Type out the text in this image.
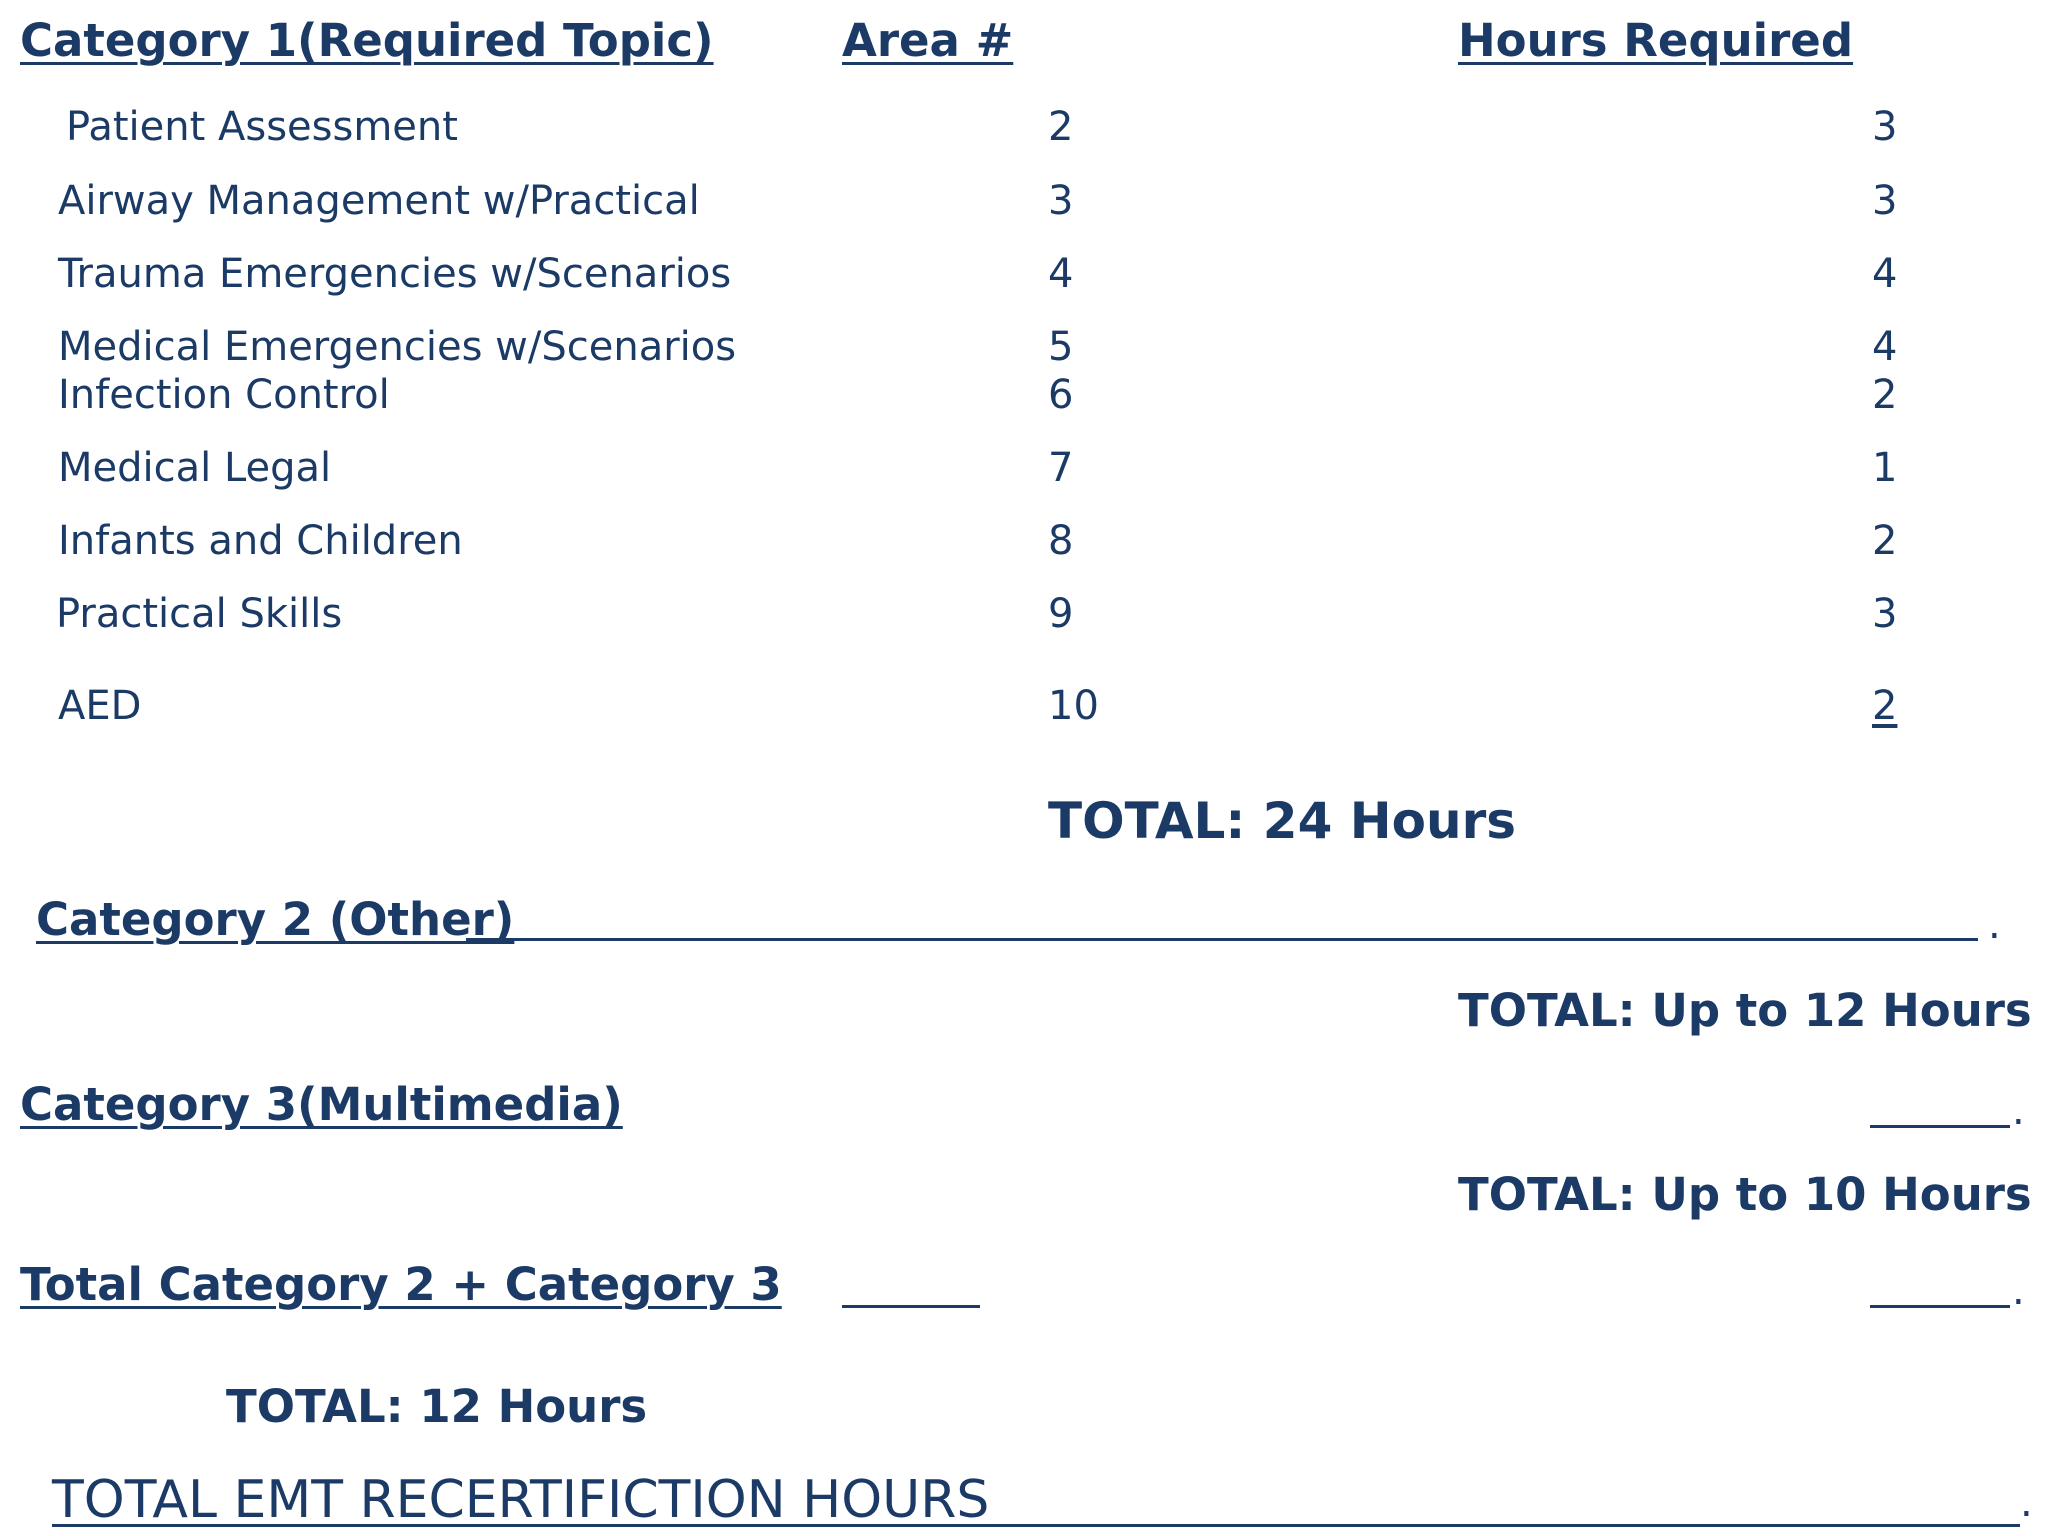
Category 1(Required Topic)	Area #	Hours Required
Patient Assessment	2	3
Airway Management w/Practical	3	3
Trauma Emergencies w/Scenarios	4	4
Medical Emergencies w/Scenarios	5	4
Infection Control	6	2
Medical Legal	7	1
Infants and Children	8	2
Practical Skills	9	3
AED	10	2
TOTAL: 24 Hours
Category 2 (Other)	.
TOTAL: Up to 12 Hours
Category 3(Multimedia)	.
TOTAL: Up to 10 Hours
Total Category 2 + Category 3	.
TOTAL: 12 Hours
TOTAL EMT RECERTIFICTION HOURS	.
